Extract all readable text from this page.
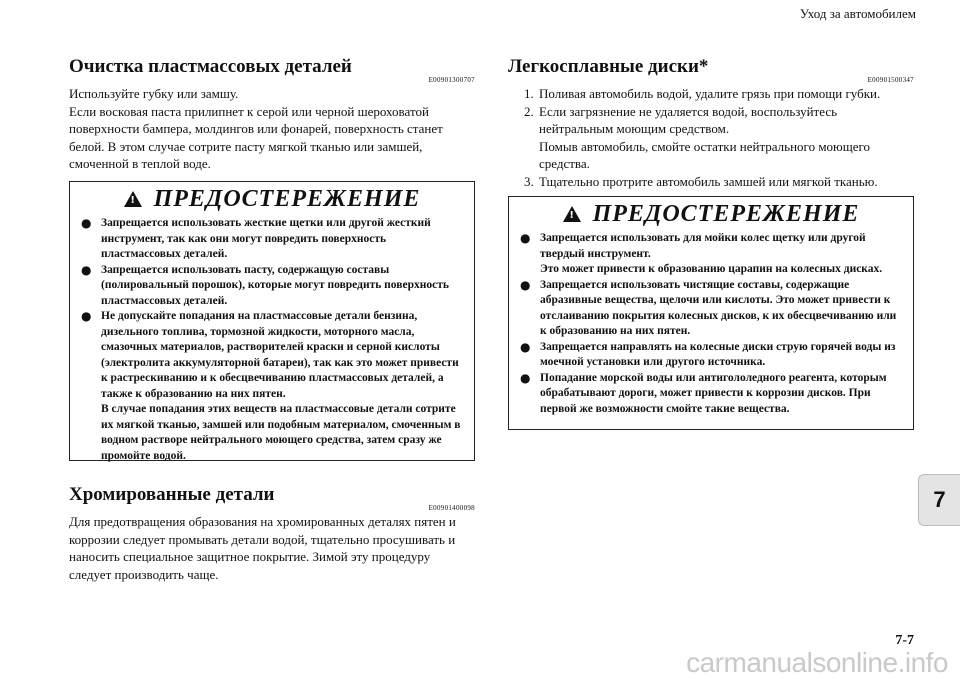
Уход за автомобилем
Очистка пластмассовых деталей
E00901300707

Используйте губку или замшу.

Если восковая паста прилипнет к серой или черной шероховатой поверхности бампера, молдингов или фонарей, поверхность станет белой. В этом случае сотрите пасту мягкой тканью или замшей, смоченной в теплой воде.

! ПРЕДОСТЕРЕЖЕНИЕ
● Запрещается использовать жесткие щетки или другой жесткий инструмент, так как они могут повредить поверхность пластмассовых деталей.
● Запрещается использовать пасту, содержащую составы (полировальный порошок), которые могут повредить поверхность пластмассовых деталей.
● Не допускайте попадания на пластмассовые детали бензина, дизельного топлива, тормозной жидкости, моторного масла, смазочных материалов, растворителей краски и серной кислоты (электролита аккумуляторной батареи), так как это может привести к растрескиванию и к обесцвечиванию пластмассовых деталей, а также к образованию на них пятен.
В случае попадания этих веществ на пластмассовые детали сотрите их мягкой тканью, замшей или подобным материалом, смоченным в водном растворе нейтрального моющего средства, затем сразу же промойте водой.
Хромированные детали
E00901400098

Для предотвращения образования на хромированных деталях пятен и коррозии следует промывать детали водой, тщательно просушивать и наносить специальное защитное покрытие. Зимой эту процедуру следует производить чаще.

Легкосплавные диски*
E00901500347
1. Поливая автомобиль водой, удалите грязь при помощи губки.
2. Если загрязнение не удаляется водой, воспользуйтесь нейтральным моющим средством.
Помыв автомобиль, смойте остатки нейтрального моющего средства.
3. Тщательно протрите автомобиль замшей или мягкой тканью.
! ПРЕДОСТЕРЕЖЕНИЕ
● Запрещается использовать для мойки колес щетку или другой твердый инструмент.
Это может привести к образованию царапин на колесных дисках.
● Запрещается использовать чистящие составы, содержащие абразивные вещества, щелочи или кислоты. Это может привести к отслаиванию покрытия колесных дисков, к их обесцвечиванию или к образованию на них пятен.
● Запрещается направлять на колесные диски струю горячей воды из моечной установки или другого источника.
● Попадание морской воды или антигололедного реагента, которым обрабатывают дороги, может привести к коррозии дисков. При первой же возможности смойте такие вещества.
7
7-7
carmanualsonline.info
